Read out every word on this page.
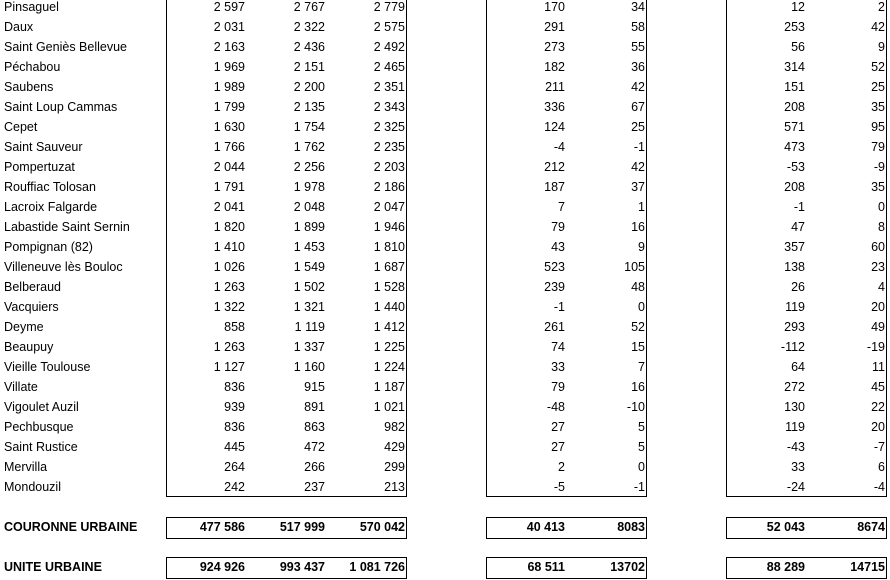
Pinsaguel	2 597	2 767	2 779	170	34	12	2
Daux	2 031	2 322	2 575	291	58	253	42
Saint Geniès Bellevue	2 163	2 436	2 492	273	55	56	9
Péchabou	1 969	2 151	2 465	182	36	314	52
Saubens	1 989	2 200	2 351	211	42	151	25
Saint Loup Cammas	1 799	2 135	2 343	336	67	208	35
Cepet	1 630	1 754	2 325	124	25	571	95
Saint Sauveur	1 766	1 762	2 235	-4	-1	473	79
Pompertuzat	2 044	2 256	2 203	212	42	-53	-9
Rouffiac Tolosan	1 791	1 978	2 186	187	37	208	35
Lacroix Falgarde	2 041	2 048	2 047	7	1	-1	0
Labastide Saint Sernin	1 820	1 899	1 946	79	16	47	8
Pompignan (82)	1 410	1 453	1 810	43	9	357	60
Villeneuve lès Bouloc	1 026	1 549	1 687	523	105	138	23
Belberaud	1 263	1 502	1 528	239	48	26	4
Vacquiers	1 322	1 321	1 440	-1	0	119	20
Deyme	858	1 119	1 412	261	52	293	49
Beaupuy	1 263	1 337	1 225	74	15	-112	-19
Vieille Toulouse	1 127	1 160	1 224	33	7	64	11
Villate	836	915	1 187	79	16	272	45
Vigoulet Auzil	939	891	1 021	-48	-10	130	22
Pechbusque	836	863	982	27	5	119	20
Saint Rustice	445	472	429	27	5	-43	-7
Mervilla	264	266	299	2	0	33	6
Mondouzil	242	237	213	-5	-1	-24	-4
COURONNE URBAINE	477 586	517 999	570 042	40 413	8083	52 043	8674
UNITE URBAINE	924 926	993 437	1 081 726	68 511	13702	88 289	14715
